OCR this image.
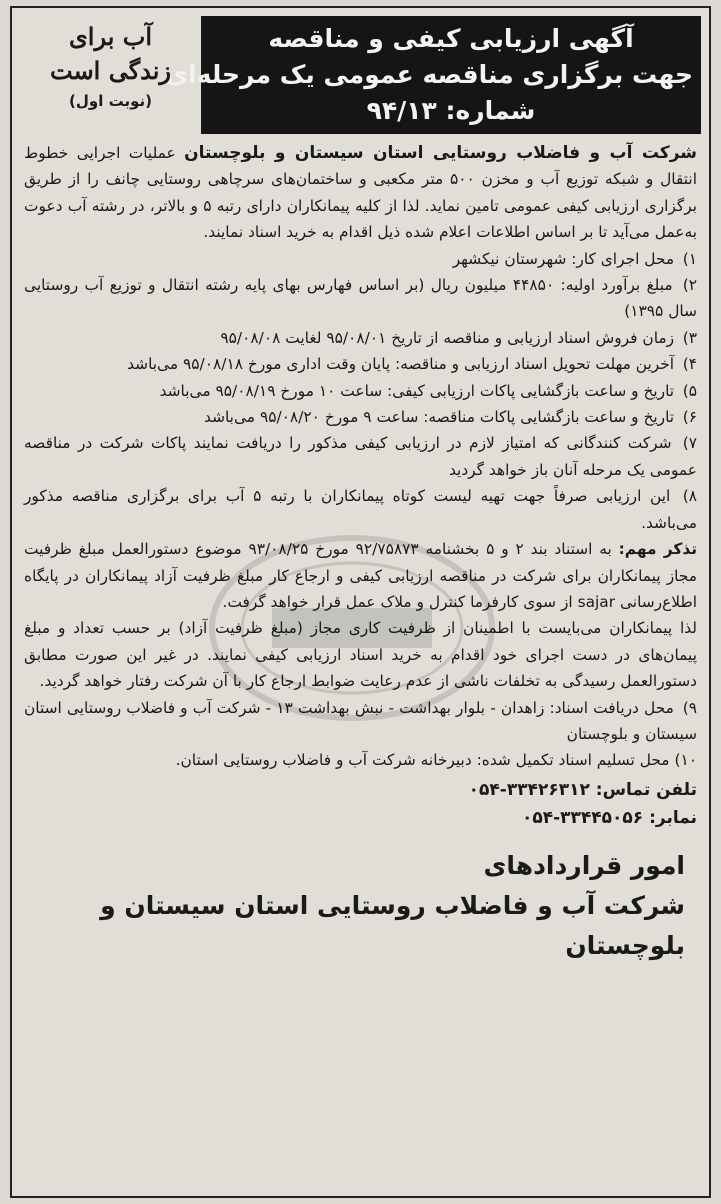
آگهی ارزیابی کیفی و مناقصه
جهت برگزاری مناقصه عمومی یک مرحله‌ای
شماره: ۹۴/۱۳
آب برای
زندگی است
(نوبت اول)

شرکت آب و فاضلاب روستایی استان سیستان و بلوچستان عملیات اجرایی خطوط انتقال و شبکه توزیع آب و مخزن ۵۰۰ متر مکعبی و ساختمان‌های سرچاهی روستایی چانف را از طریق برگزاری ارزیابی کیفی عمومی تامین نماید. لذا از کلیه پیمانکاران دارای رتبه ۵ و بالاتر، در رشته آب دعوت به‌عمل می‌آید تا بر اساس اطلاعات اعلام شده ذیل اقدام به خرید اسناد نمایند.

۱) محل اجرای کار: شهرستان نیکشهر

۲) مبلغ برآورد اولیه: ۴۴۸۵۰ میلیون ریال (بر اساس فهارس بهای پایه رشته انتقال و توزیع آب روستایی سال ۱۳۹۵)

۳) زمان فروش اسناد ارزیابی و مناقصه از تاریخ ۹۵/۰۸/۰۱ لغایت ۹۵/۰۸/۰۸

۴) آخرین مهلت تحویل اسناد ارزیابی و مناقصه: پایان وقت اداری مورخ ۹۵/۰۸/۱۸ می‌باشد

۵) تاریخ و ساعت بازگشایی پاکات ارزیابی کیفی: ساعت ۱۰ مورخ ۹۵/۰۸/۱۹ می‌باشد

۶) تاریخ و ساعت بازگشایی پاکات مناقصه: ساعت ۹ مورخ ۹۵/۰۸/۲۰ می‌باشد

۷) شرکت کنندگانی که امتیاز لازم در ارزیابی کیفی مذکور را دریافت نمایند پاکات شرکت در مناقصه عمومی یک مرحله آنان باز خواهد گردید

۸) این ارزیابی صرفاً جهت تهیه لیست کوتاه پیمانکاران با رتبه ۵ آب برای برگزاری مناقصه مذکور می‌باشد.

تذکر مهم: به استناد بند ۲ و ۵ بخشنامه ۹۲/۷۵۸۷۳ مورخ ۹۳/۰۸/۲۵ موضوع دستورالعمل مبلغ ظرفیت مجاز پیمانکاران برای شرکت در مناقصه ارزیابی کیفی و ارجاع کار مبلغ ظرفیت آزاد پیمانکاران در پایگاه اطلاع‌رسانی sajar از سوی کارفرما کنترل و ملاک عمل قرار خواهد گرفت.

لذا پیمانکاران می‌بایست با اطمینان از ظرفیت کاری مجاز (مبلغ ظرفیت آزاد) بر حسب تعداد و مبلغ پیمان‌های در دست اجرای خود اقدام به خرید اسناد ارزیابی کیفی نمایند. در غیر این صورت مطابق دستورالعمل رسیدگی به تخلفات ناشی از عدم رعایت ضوابط ارجاع کار با آن شرکت رفتار خواهد گردید.

۹) محل دریافت اسناد: زاهدان - بلوار بهداشت - نبش بهداشت ۱۳ - شرکت آب و فاضلاب روستایی استان سیستان و بلوچستان

۱۰) محل تسلیم اسناد تکمیل شده: دبیرخانه شرکت آب و فاضلاب روستایی استان.

تلفن تماس: ۰۵۴-۳۳۴۲۶۳۱۲
نمابر: ۰۵۴-۳۳۴۴۵۰۵۶
امور قراردادهای
شرکت آب و فاضلاب روستایی استان سیستان و بلوچستان
